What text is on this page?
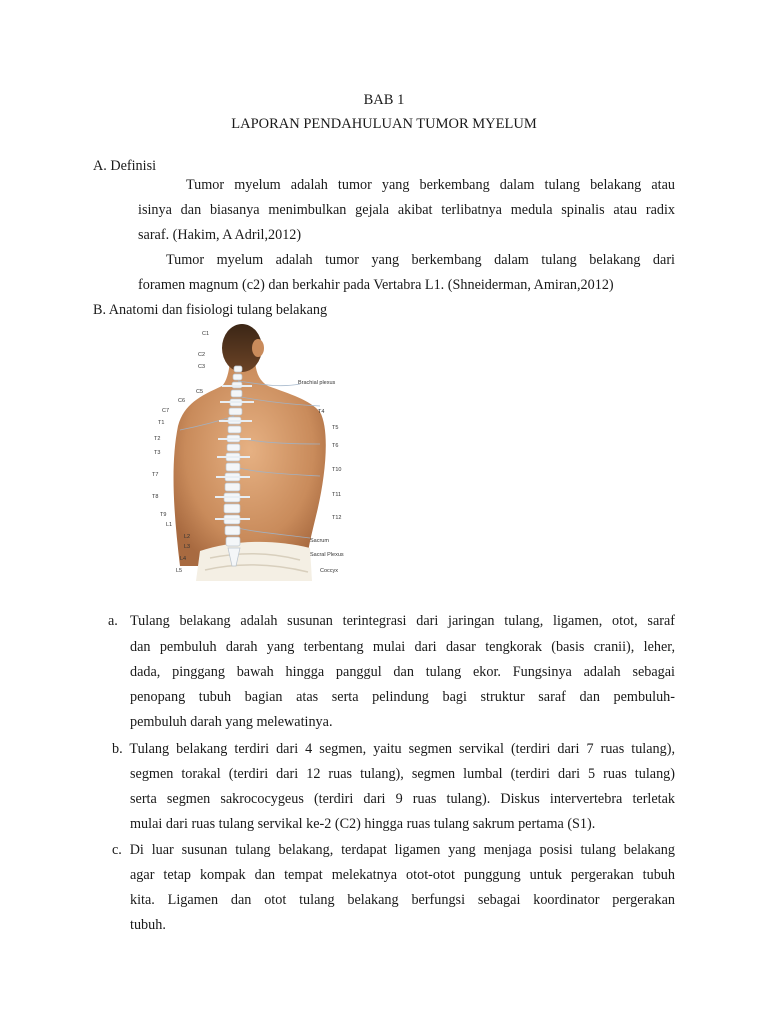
BAB 1
LAPORAN PENDAHULUAN TUMOR MYELUM
A. Definisi
Tumor myelum adalah tumor yang berkembang dalam tulang belakang atau
isinya dan biasanya menimbulkan gejala akibat terlibatnya medula spinalis atau radix
saraf. (Hakim, A Adril,2012)
Tumor myelum adalah tumor yang berkembang dalam tulang belakang dari
foramen magnum (c2) dan berkahir pada Vertabra L1. (Shneiderman, Amiran,2012)
B. Anatomi dan fisiologi tulang belakang
C1
C2
C3
C5
C6
C7
T1
T2
T3
T7
T8
T9
L1
L2
L3
L4
L5
Brachial plexus
T4
T5
T6
T10
T11
T12
Sacrum
Sacral Plexus
Coccyx
a. Tulang belakang adalah susunan terintegrasi dari jaringan tulang, ligamen, otot, saraf
dan pembuluh darah yang terbentang mulai dari dasar tengkorak (basis cranii), leher,
dada, pinggang bawah hingga panggul dan tulang ekor. Fungsinya adalah sebagai
penopang tubuh bagian atas serta pelindung bagi struktur saraf dan pembuluh-
pembuluh darah yang melewatinya.
b. Tulang belakang terdiri dari 4 segmen, yaitu segmen servikal (terdiri dari 7 ruas tulang),
segmen torakal (terdiri dari 12 ruas tulang), segmen lumbal (terdiri dari 5 ruas tulang)
serta segmen sakrococygeus (terdiri dari 9 ruas tulang). Diskus intervertebra terletak
mulai dari ruas tulang servikal ke-2 (C2) hingga ruas tulang sakrum pertama (S1).
c. Di luar susunan tulang belakang, terdapat ligamen yang menjaga posisi tulang belakang
agar tetap kompak dan tempat melekatnya otot-otot punggung untuk pergerakan tubuh
kita. Ligamen dan otot tulang belakang berfungsi sebagai koordinator pergerakan
tubuh.
